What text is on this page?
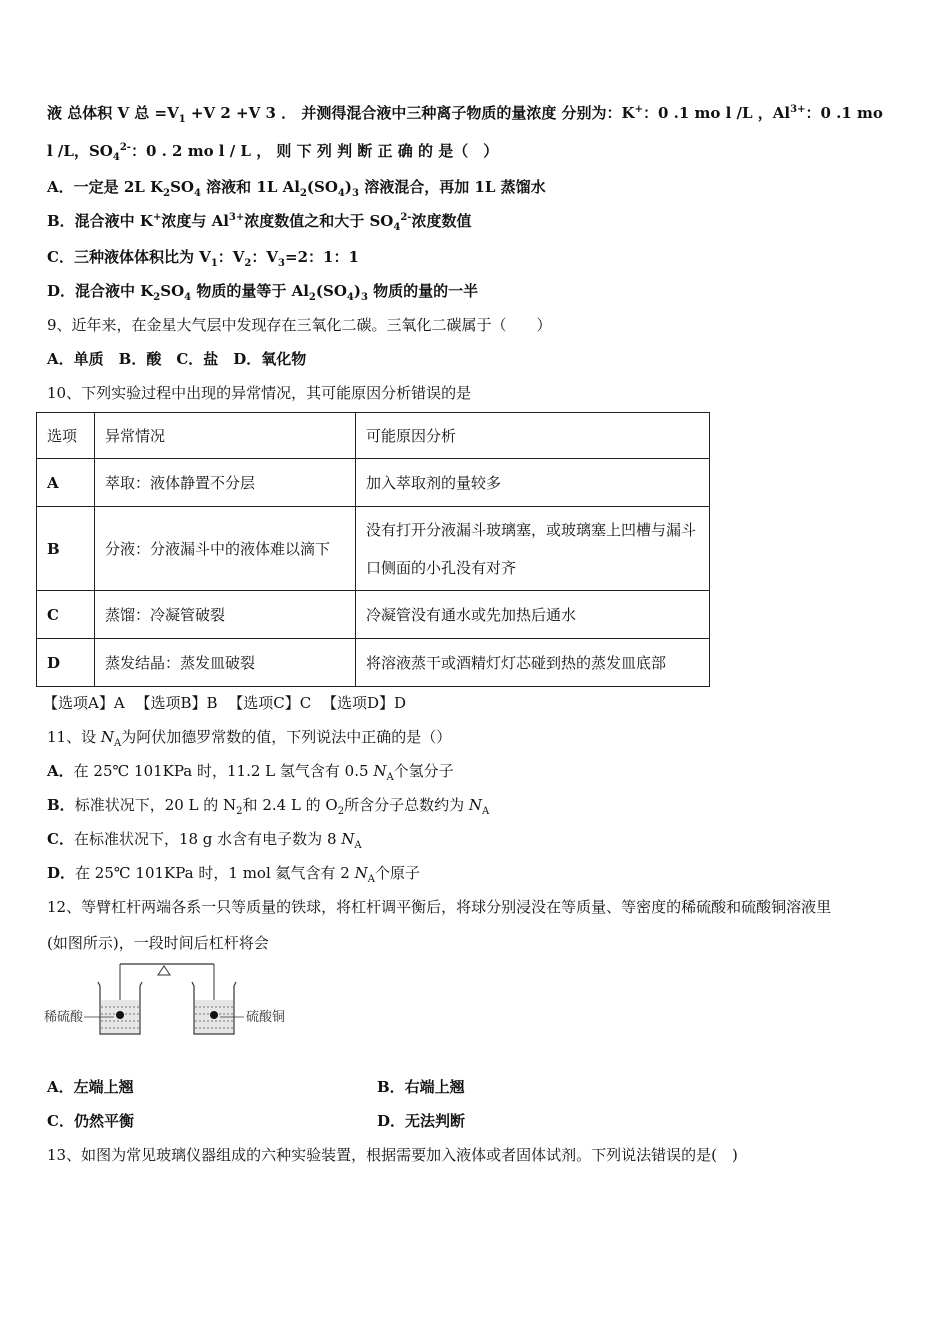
液 总体积 V 总 $=V_1 +V$ 2 +V 3 ． 并测得混合液中三种离子物质的量浓度 分别为：K+：0 .1 mo l /L ，$Al^{3+}$：0 .1 mo
l /L，$SO_4^{2-}$：0 . 2 mo l / L ， 则 下 列 判 断 正 确 的 是（　）
A．一定是 2L $K_2SO_4$ 溶液和 1L $Al_2(SO_4)_3$ 溶液混合，再加 1L 蒸馏水
B．混合液中 K+浓度与 $Al^{3+}$浓度数值之和大于 $SO_4^{2-}$浓度数值
C．三种液体体积比为 $V_1$：$V_2$：$V_3=2$：1：1
D．混合液中 $K_2SO_4$ 物质的量等于 $Al_2(SO_4)_3$ 物质的量的一半
9、近年来，在金星大气层中发现存在三氧化二碳。三氧化二碳属于（　　）
A．单质　B．酸　C．盐　D．氧化物
10、下列实验过程中出现的异常情况，其可能原因分析错误的是
选项	异常情况	可能原因分析
A	萃取：液体静置不分层	加入萃取剂的量较多
B	分液：分液漏斗中的液体难以滴下	没有打开分液漏斗玻璃塞，或玻璃塞上凹槽与漏斗口侧面的小孔没有对齐
C	蒸馏：冷凝管破裂	冷凝管没有通水或先加热后通水
D	蒸发结晶：蒸发皿破裂	将溶液蒸干或酒精灯灯芯碰到热的蒸发皿底部
【选项A】A 【选项B】B 【选项C】C 【选项D】D
11、设 $N_A$为阿伏加德罗常数的值，下列说法中正确的是（）
A．在 25℃ 101KPa 时，11.2 L 氢气含有 0.5 $N_A$个氢分子
B．标准状况下，20 L 的 $N_2$和 2.4 L 的 $O_2$所含分子总数约为 $N_A$
C．在标准状况下，18 g 水含有电子数为 8 $N_A$
D．在 25℃ 101KPa 时，1 mol 氦气含有 2 $N_A$个原子
12、等臂杠杆两端各系一只等质量的铁球，将杠杆调平衡后，将球分别浸没在等质量、等密度的稀硫酸和硫酸铜溶液里
(如图所示)，一段时间后杠杆将会
稀硫酸	硫酸铜
A．左端上翘	B．右端上翘
C．仍然平衡	D．无法判断
13、如图为常见玻璃仪器组成的六种实验装置，根据需要加入液体或者固体试剂。下列说法错误的是(　)
